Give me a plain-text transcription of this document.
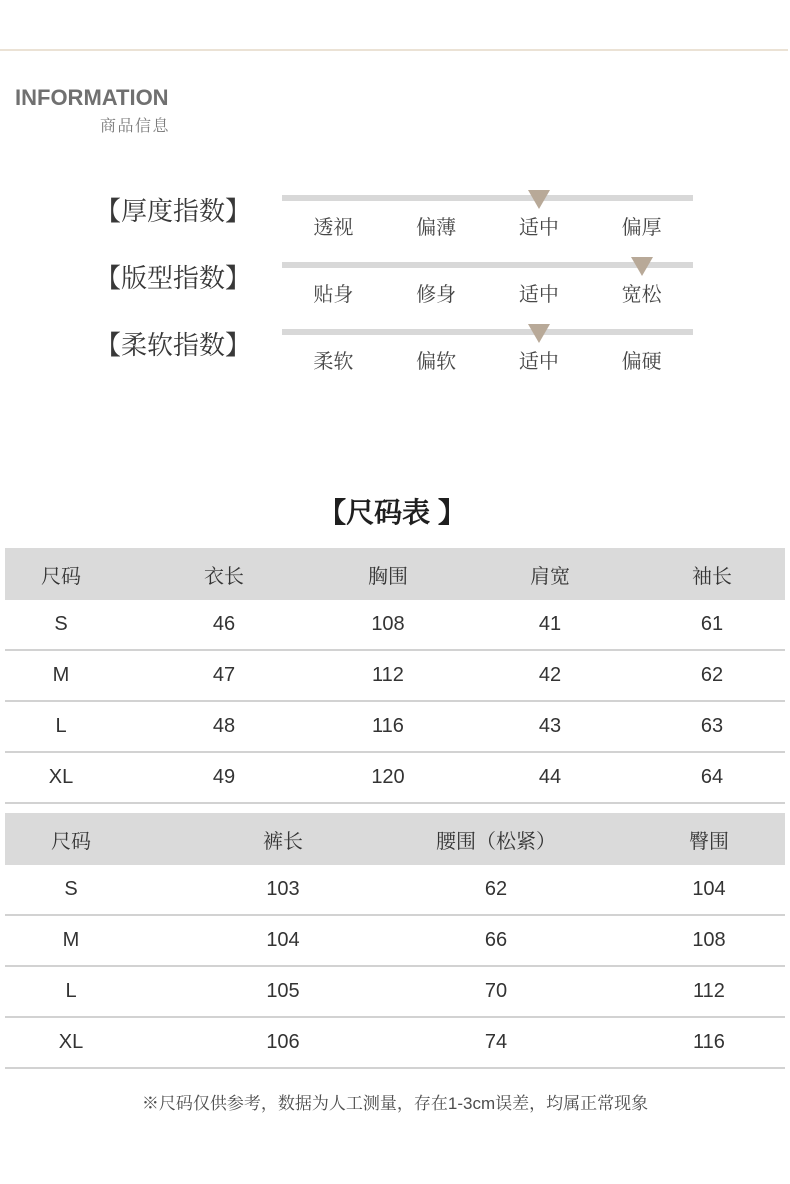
INFORMATION
商品信息
【厚度指数】
透视	偏薄	适中	偏厚
【版型指数】
贴身	修身	适中	宽松
【柔软指数】
柔软	偏软	适中	偏硬
【尺码表 】
尺码	衣长	胸围	肩宽	袖长
S	46	108	41	61
M	47	112	42	62
L	48	116	43	63
XL	49	120	44	64
尺码	裤长	腰围（松紧）	臀围
S	103	62	104
M	104	66	108
L	105	70	112
XL	106	74	116
※尺码仅供参考，数据为人工测量，存在1-3cm误差，均属正常现象
